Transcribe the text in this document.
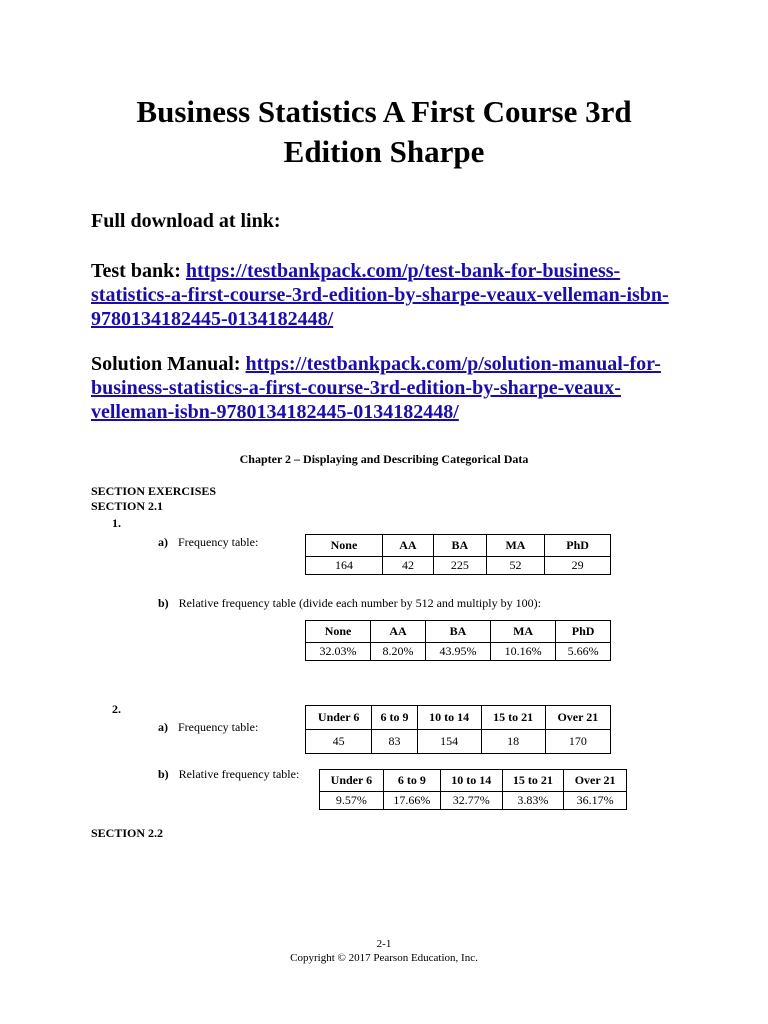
Business Statistics A First Course 3rd
Edition Sharpe
Full download at link:
Test bank: https://testbankpack.com/p/test-bank-for-business-
statistics-a-first-course-3rd-edition-by-sharpe-veaux-velleman-isbn-
9780134182445-0134182448/
Solution Manual: https://testbankpack.com/p/solution-manual-for-
business-statistics-a-first-course-3rd-edition-by-sharpe-veaux-
velleman-isbn-9780134182445-0134182448/
Chapter 2 – Displaying and Describing Categorical Data
SECTION EXERCISES
SECTION 2.1
1.
a) Frequency table:	None	AA	BA	MA	PhD
164	42	225	52	29
b) Relative frequency table (divide each number by 512 and multiply by 100):
None	AA	BA	MA	PhD
32.03%	8.20%	43.95%	10.16%	5.66%
2.
a) Frequency table:
Under 6	6 to 9	10 to 14	15 to 21	Over 21
45	83	154	18	170
b) Relative frequency table:	Under 6	6 to 9	10 to 14	15 to 21	Over 21
9.57%	17.66%	32.77%	3.83%	36.17%
SECTION 2.2
2-1
Copyright © 2017 Pearson Education, Inc.
